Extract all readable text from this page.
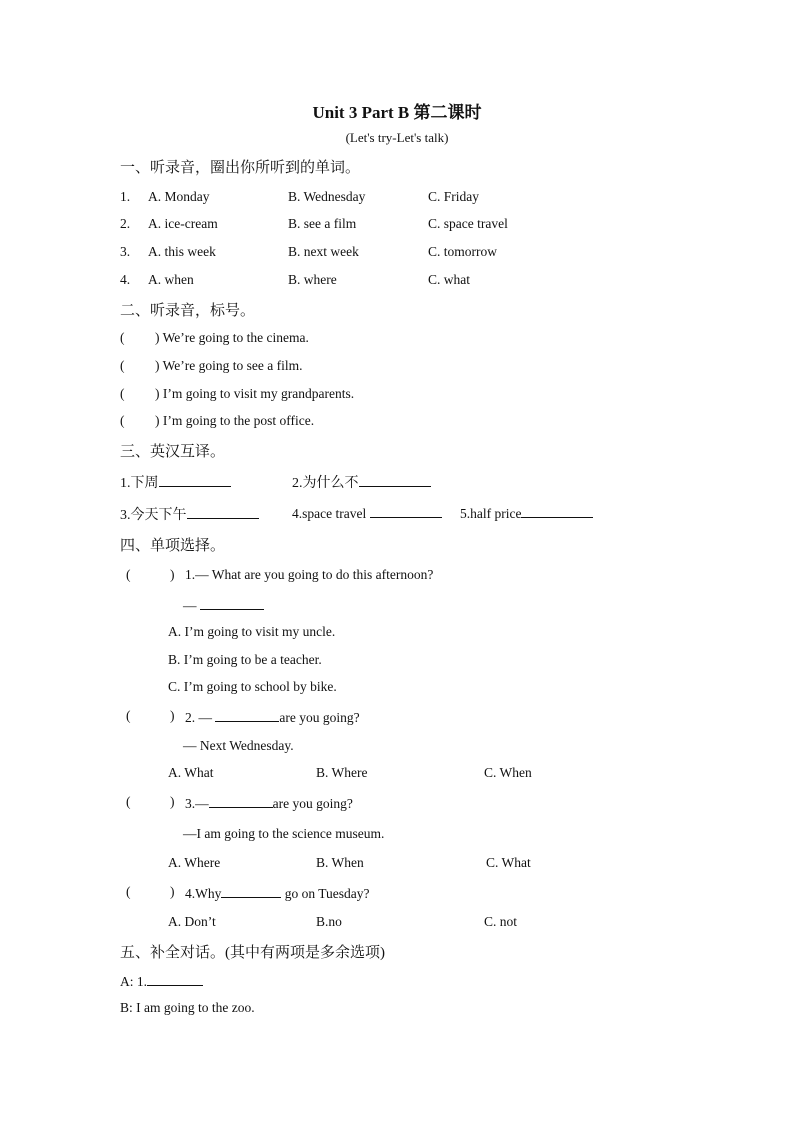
Unit 3 Part B 第二课时
(Let's try-Let's talk)
一、听录音，圈出你所听到的单词。
1. A. Monday	B. Wednesday	C. Friday
2. A. ice-cream	B. see a film	C. space travel
3. A. this week	B. next week	C. tomorrow
4. A. when	B. where	C. what
二、听录音，标号。
( ) We’re going to the cinema.
( ) We’re going to see a film.
( ) I’m going to visit my grandparents.
( ) I’m going to the post office.
三、英汉互译。
1.下周	2.为什么不
3.今天下午	4.space travel	5.half price
四、单项选择。
(	) 1.— What are you going to do this afternoon?
—
A. I’m going to visit my uncle.
B. I’m going to be a teacher.
C. I’m going to school by bike.
(	) 2. —	are you going?
— Next Wednesday.
A. What	B. Where	C. When
(	) 3.—	are you going?
—I am going to the science museum.
A. Where	B. When	C. What
(	) 4.Why	go on Tuesday?
A. Don’t	B.no	C. not
五、补全对话。(其中有两项是多余选项)
A: 1.
B: I am going to the zoo.
